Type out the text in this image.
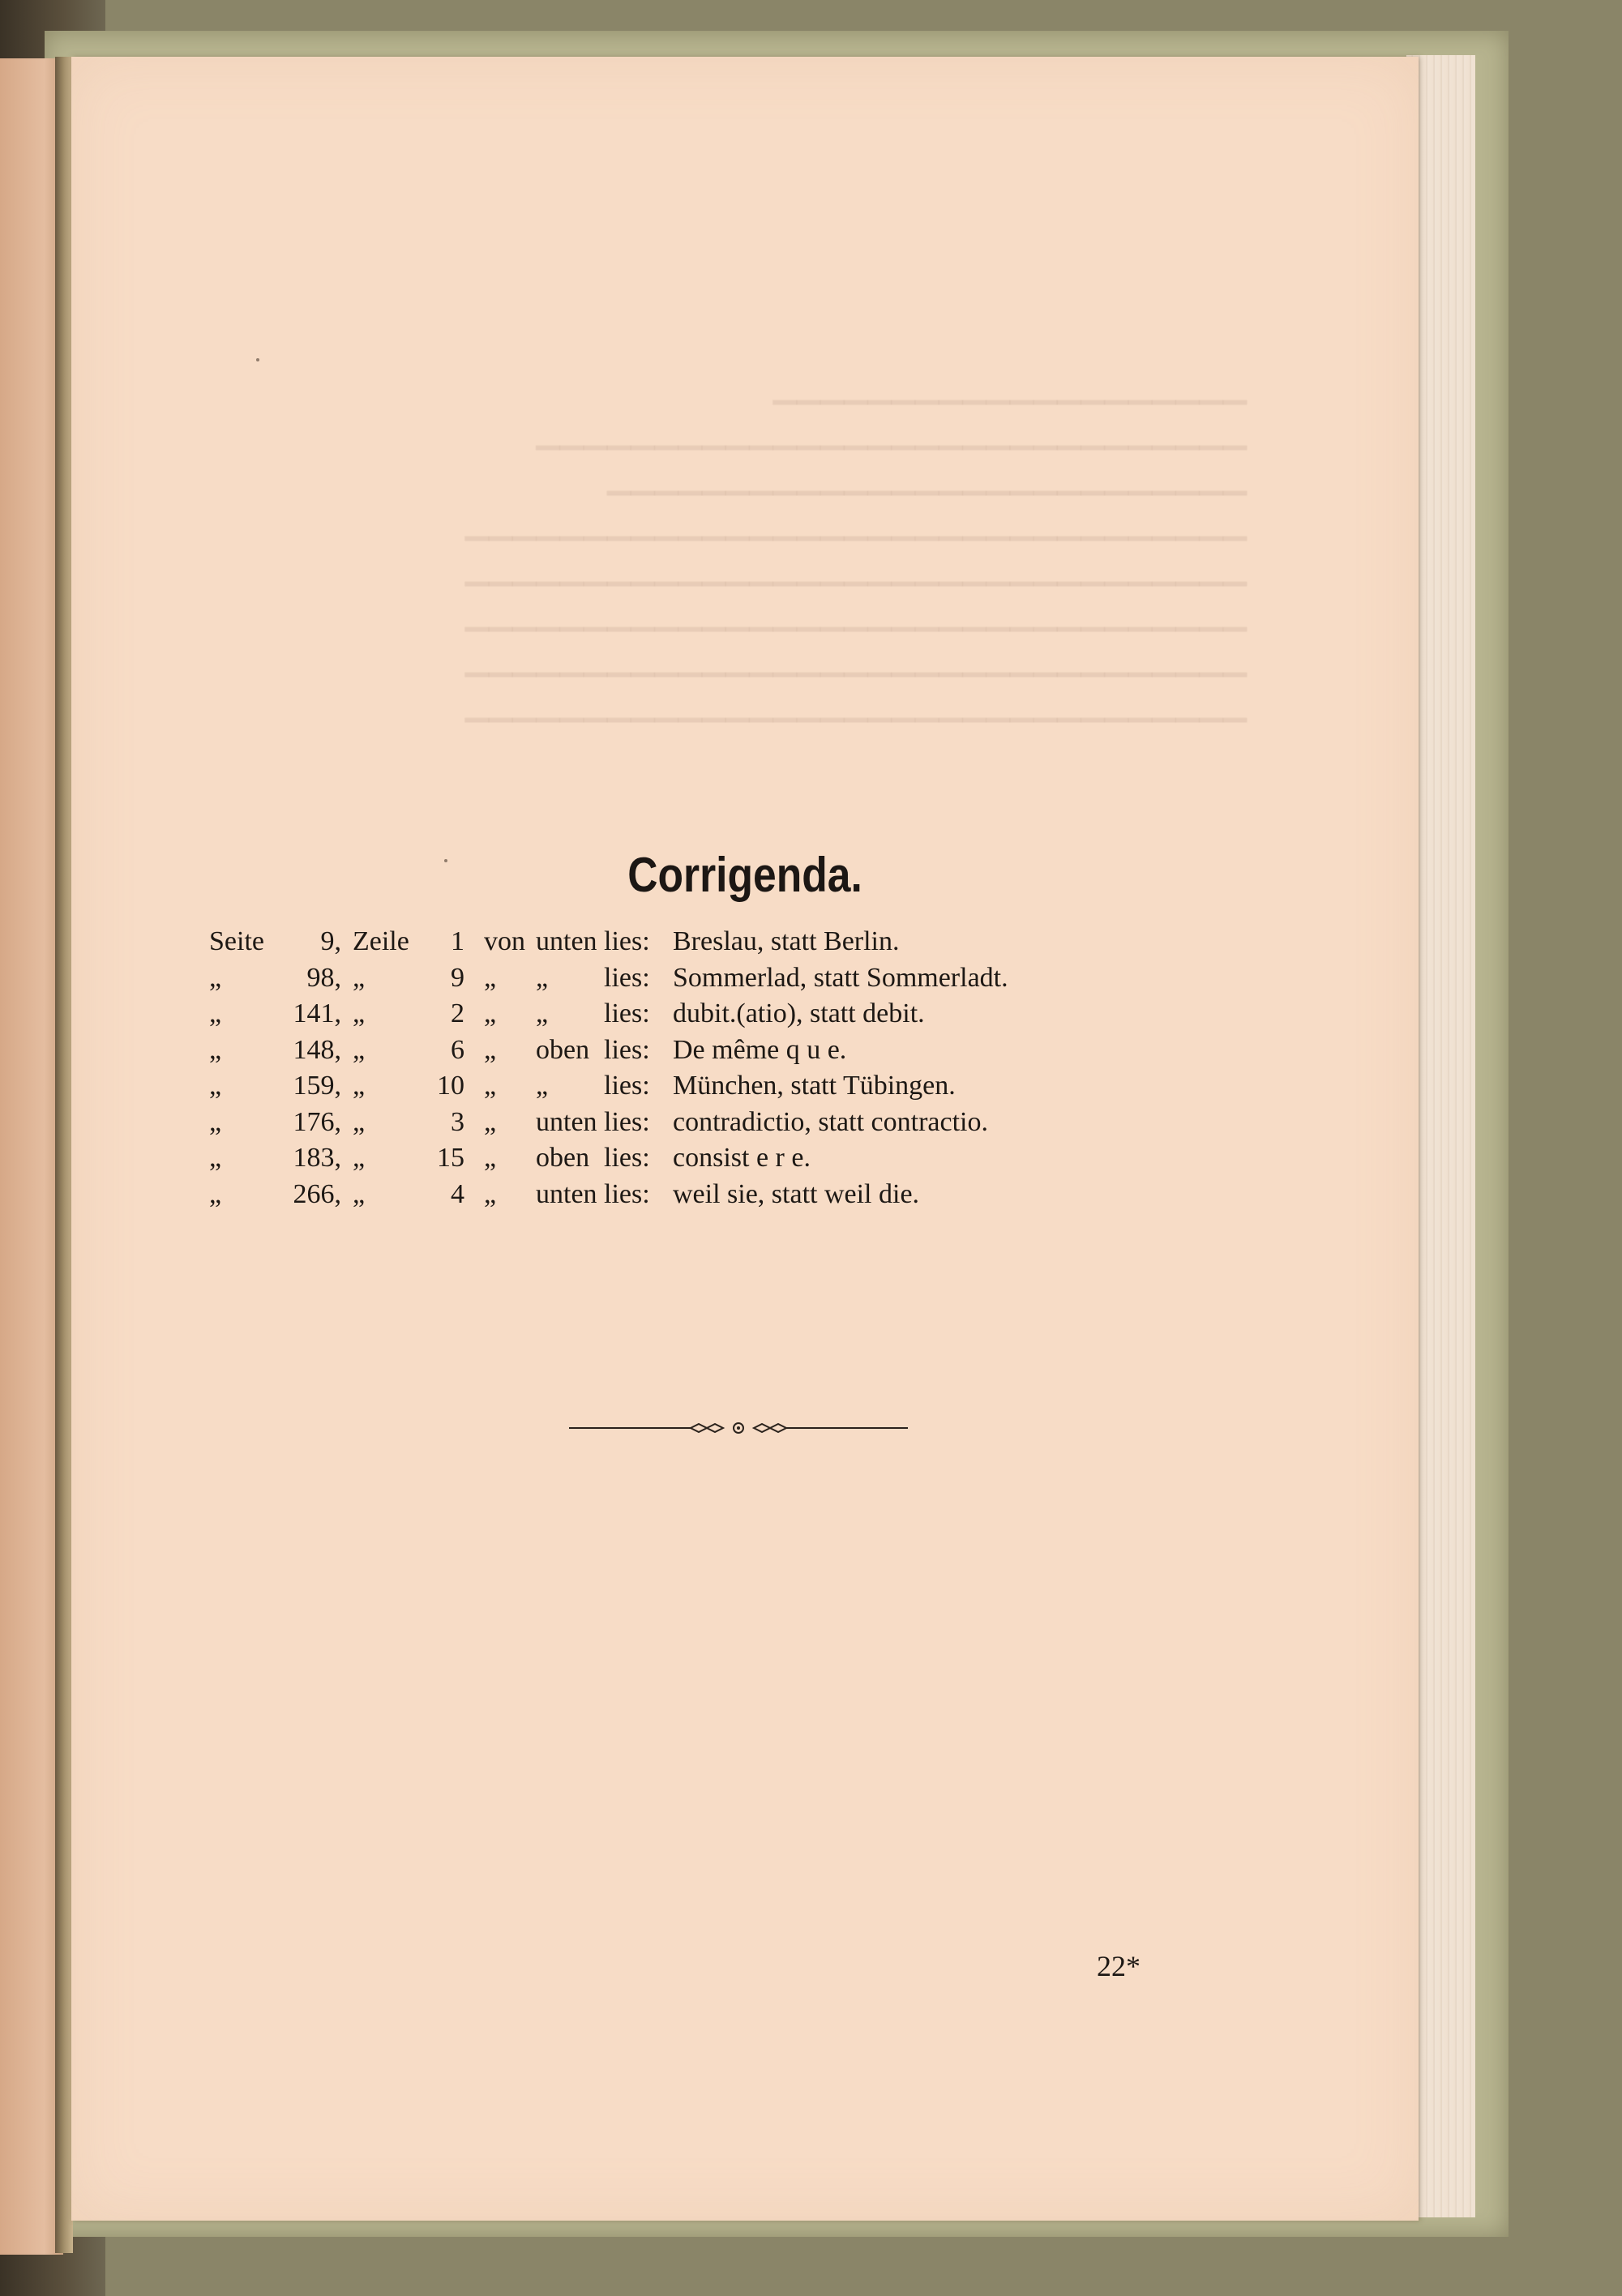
▁▁▁▁▁▁▁▁▁▁▁▁▁▁▁▁▁▁▁▁
▁▁▁▁▁▁▁▁▁▁▁▁▁▁▁▁▁▁▁▁▁▁▁▁▁▁▁▁▁▁
▁▁▁▁▁▁▁▁▁▁▁▁▁▁▁▁▁▁▁▁▁▁▁▁▁▁▁
▁▁▁▁▁▁▁▁▁▁▁▁▁▁▁▁▁▁▁▁▁▁▁▁▁▁▁▁▁▁▁▁▁
▁▁▁▁▁▁▁▁▁▁▁▁▁▁▁▁▁▁▁▁▁▁▁▁▁▁▁▁▁▁▁▁▁
▁▁▁▁▁▁▁▁▁▁▁▁▁▁▁▁▁▁▁▁▁▁▁▁▁▁▁▁▁▁▁▁▁
▁▁▁▁▁▁▁▁▁▁▁▁▁▁▁▁▁▁▁▁▁▁▁▁▁▁▁▁▁▁▁▁▁
▁▁▁▁▁▁▁▁▁▁▁▁▁▁▁▁▁▁▁▁▁▁▁▁▁▁▁▁▁▁▁▁▁
Corrigenda.
Seite	9,	Zeile	1	von	unten	lies:	Breslau, statt Berlin.
„	98,	„	9	„	„	lies:	Sommerlad, statt Sommerladt.
„	141,	„	2	„	„	lies:	dubit.(atio), statt debit.
„	148,	„	6	„	oben	lies:	De même q u e.
„	159,	„	10	„	„	lies:	München, statt Tübingen.
„	176,	„	3	„	unten	lies:	contradictio, statt contractio.
„	183,	„	15	„	oben	lies:	consist e r e.
„	266,	„	4	„	unten	lies:	weil sie, statt weil die.
22*
